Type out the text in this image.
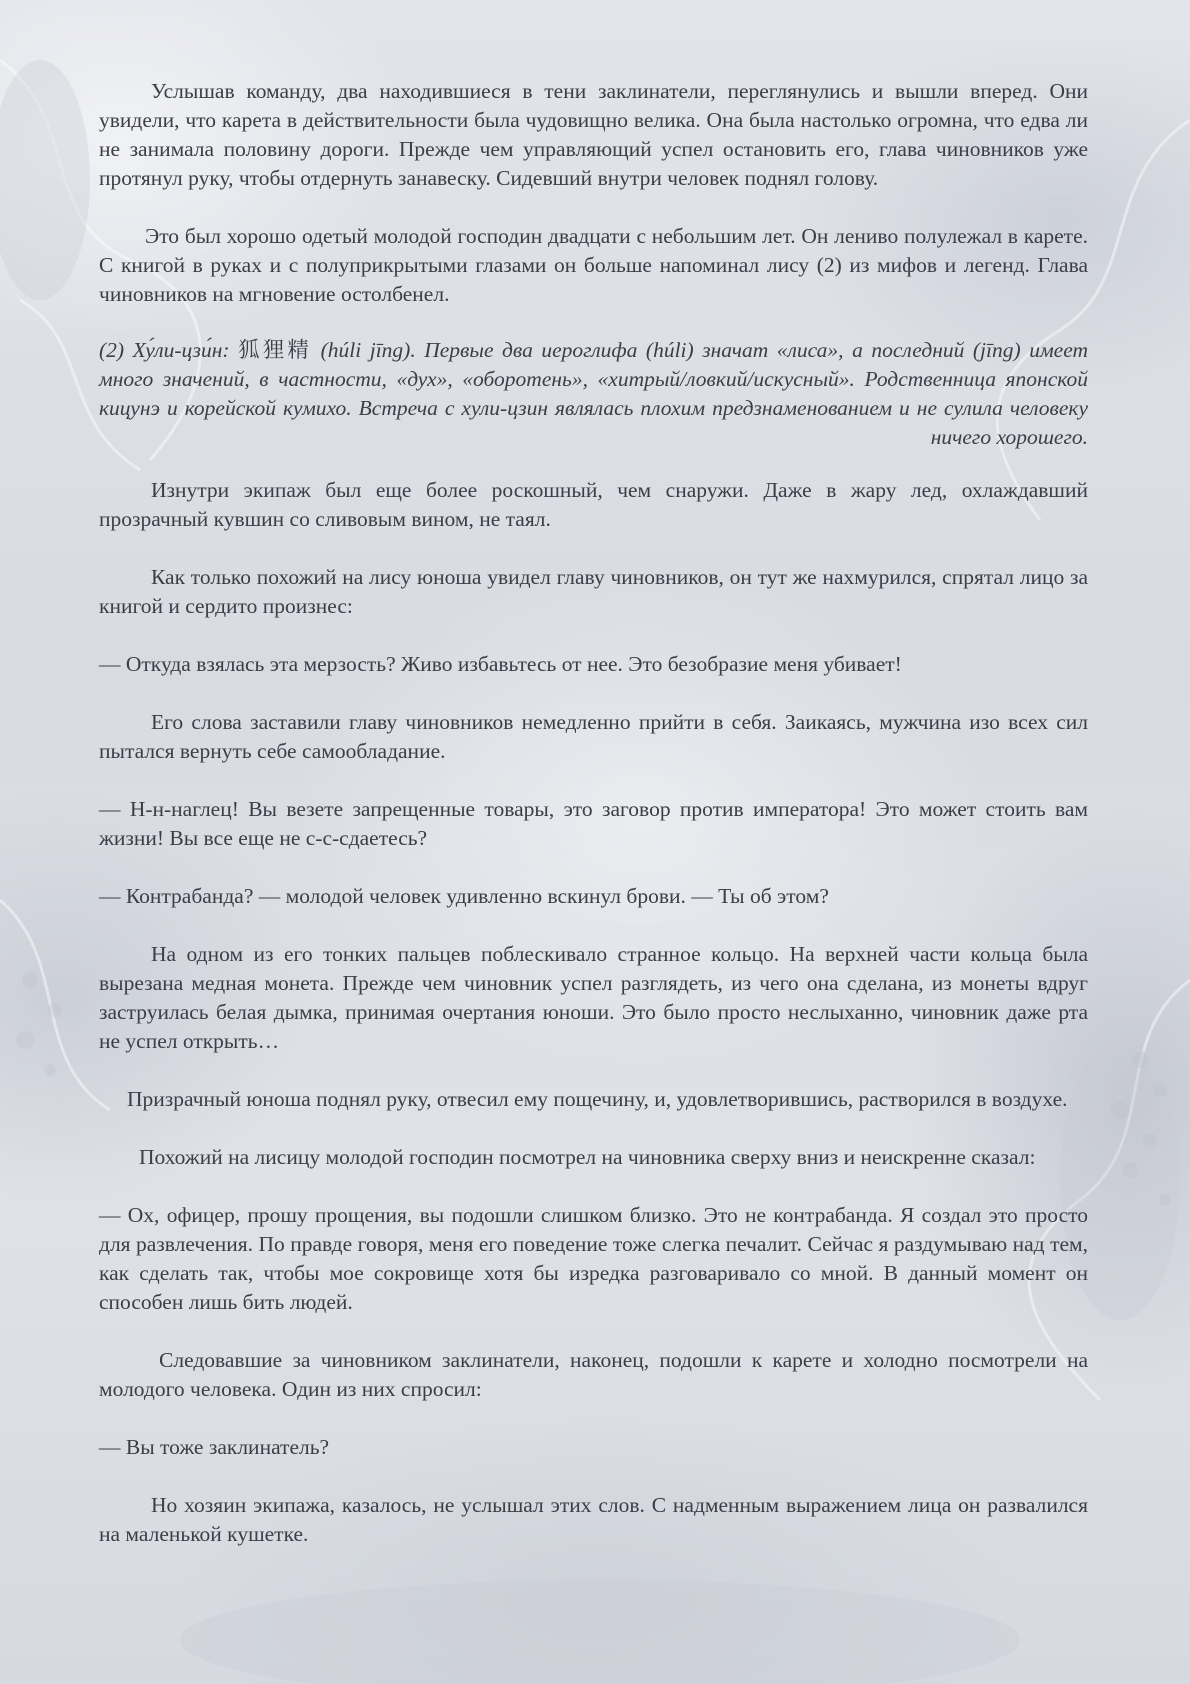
Услышав команду, два находившиеся в тени заклинатели, переглянулись и вышли вперед. Они увидели, что карета в действительности была чудовищно велика. Она была настолько огромна, что едва ли не занимала половину дороги. Прежде чем управляющий успел остановить его, глава чиновников уже протянул руку, чтобы отдернуть занавеску. Сидевший внутри человек поднял голову.

Это был хорошо одетый молодой господин двадцати с небольшим лет. Он лениво полулежал в карете. С книгой в руках и с полуприкрытыми глазами он больше напоминал лису (2) из мифов и легенд. Глава чиновников на мгновение остолбенел.

(2) Ху́ли-цзи́н: 狐狸精 (húli jīng). Первые два иероглифа (húli) значат «лиса», а последний (jīng) имеет много значений, в частности, «дух», «оборотень», «хитрый/ловкий/искусный». Родственница японской кицунэ и корейской кумихо. Встреча с хули-цзин являлась плохим предзнаменованием и не сулила человеку ничего хорошего.

Изнутри экипаж был еще более роскошный, чем снаружи. Даже в жару лед, охлаждавший прозрачный кувшин со сливовым вином, не таял.

Как только похожий на лису юноша увидел главу чиновников, он тут же нахмурился, спрятал лицо за книгой и сердито произнес:

— Откуда взялась эта мерзость? Живо избавьтесь от нее. Это безобразие меня убивает!

Его слова заставили главу чиновников немедленно прийти в себя. Заикаясь, мужчина изо всех сил пытался вернуть себе самообладание.

— Н-н-наглец! Вы везете запрещенные товары, это заговор против императора! Это может стоить вам жизни! Вы все еще не с-с-сдаетесь?

— Контрабанда? — молодой человек удивленно вскинул брови. — Ты об этом?

На одном из его тонких пальцев поблескивало странное кольцо. На верхней части кольца была вырезана медная монета. Прежде чем чиновник успел разглядеть, из чего она сделана, из монеты вдруг заструилась белая дымка, принимая очертания юноши. Это было просто неслыханно, чиновник даже рта не успел открыть…

Призрачный юноша поднял руку, отвесил ему пощечину, и, удовлетворившись, растворился в воздухе.

Похожий на лисицу молодой господин посмотрел на чиновника сверху вниз и неискренне сказал:

— Ох, офицер, прошу прощения, вы подошли слишком близко. Это не контрабанда. Я создал это просто для развлечения. По правде говоря, меня его поведение тоже слегка печалит. Сейчас я раздумываю над тем, как сделать так, чтобы мое сокровище хотя бы изредка разговаривало со мной. В данный момент он способен лишь бить людей.

Следовавшие за чиновником заклинатели, наконец, подошли к карете и холодно посмотрели на молодого человека. Один из них спросил:

— Вы тоже заклинатель?

Но хозяин экипажа, казалось, не услышал этих слов. С надменным выражением лица он развалился на маленькой кушетке.
